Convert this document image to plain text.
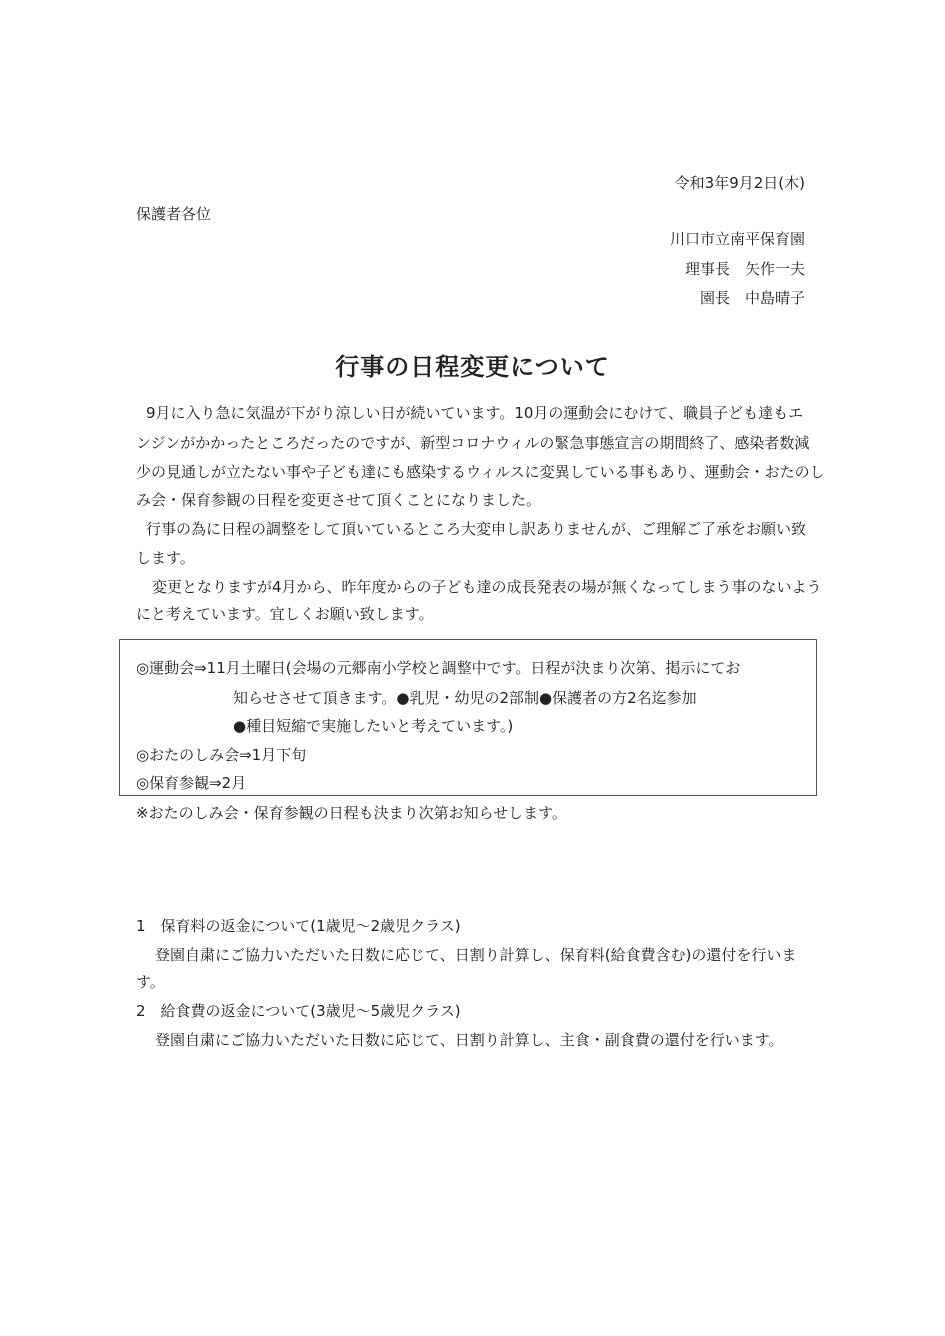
令和3年9月2日(木)
保護者各位
川口市立南平保育園
理事長　矢作一夫
園長　中島晴子
行事の日程変更について
9月に入り急に気温が下がり涼しい日が続いています。10月の運動会にむけて、職員子ども達もエ
ンジンがかかったところだったのですが、新型コロナウィルの緊急事態宣言の期間終了、感染者数減
少の見通しが立たない事や子ども達にも感染するウィルスに変異している事もあり、運動会・おたのし
み会・保育参観の日程を変更させて頂くことになりました。
行事の為に日程の調整をして頂いているところ大変申し訳ありませんが、ご理解ご了承をお願い致
します。
変更となりますが4月から、昨年度からの子ども達の成長発表の場が無くなってしまう事のないよう
にと考えています。宜しくお願い致します。
◎運動会⇒11月土曜日(会場の元郷南小学校と調整中です。日程が決まり次第、掲示にてお
知らせさせて頂きます。●乳児・幼児の2部制●保護者の方2名迄参加
●種目短縮で実施したいと考えています。)
◎おたのしみ会⇒1月下旬
◎保育参観⇒2月
※おたのしみ会・保育参観の日程も決まり次第お知らせします。
1　保育料の返金について(1歳児～2歳児クラス)
登園自粛にご協力いただいた日数に応じて、日割り計算し、保育料(給食費含む)の還付を行いま
す。
2　給食費の返金について(3歳児～5歳児クラス)
登園自粛にご協力いただいた日数に応じて、日割り計算し、主食・副食費の還付を行います。
